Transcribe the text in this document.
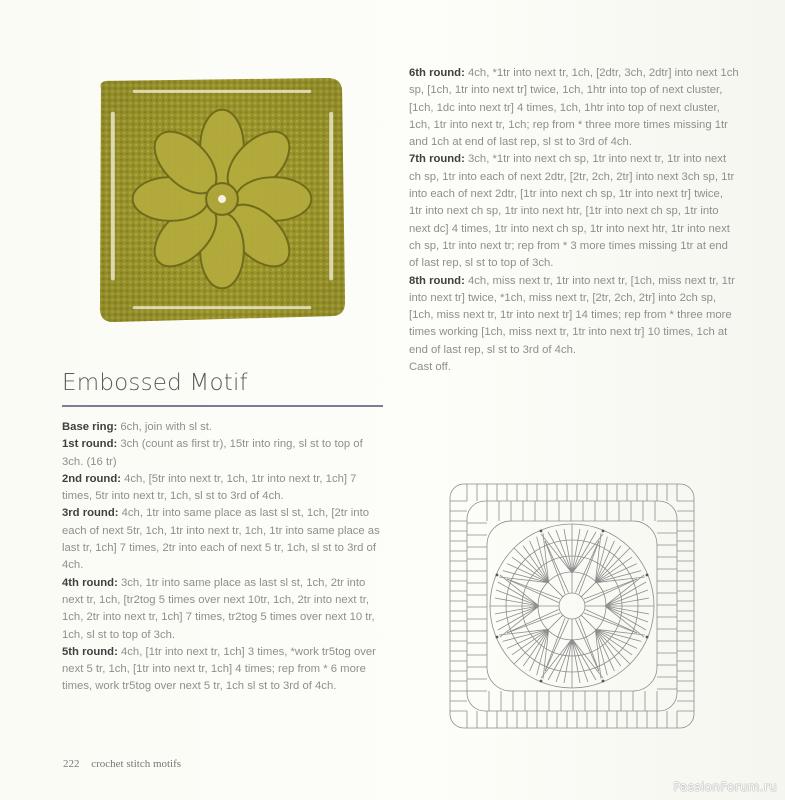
Embossed Motif

Base ring: 6ch, join with sl st.

1st round: 3ch (count as first tr), 15tr into ring, sl st to top of 3ch. (16 tr)

2nd round: 4ch, [5tr into next tr, 1ch, 1tr into next tr, 1ch] 7 times, 5tr into next tr, 1ch, sl st to 3rd of 4ch.

3rd round: 4ch, 1tr into same place as last sl st, 1ch, [2tr into each of next 5tr, 1ch, 1tr into next tr, 1ch, 1tr into same place as last tr, 1ch] 7 times, 2tr into each of next 5 tr, 1ch, sl st to 3rd of 4ch.

4th round: 3ch, 1tr into same place as last sl st, 1ch, 2tr into next tr, 1ch, [tr2tog 5 times over next 10tr, 1ch, 2tr into next tr, 1ch, 2tr into next tr, 1ch] 7 times, tr2tog 5 times over next 10 tr, 1ch, sl st to top of 3ch.

5th round: 4ch, [1tr into next tr, 1ch] 3 times, *work tr5tog over next 5 tr, 1ch, [1tr into next tr, 1ch] 4 times; rep from * 6 more times, work tr5tog over next 5 tr, 1ch sl st to 3rd of 4ch.

6th round: 4ch, *1tr into next tr, 1ch, [2dtr, 3ch, 2dtr] into next 1ch sp, [1ch, 1tr into next tr] twice, 1ch, 1htr into top of next cluster, [1ch, 1dc into next tr] 4 times, 1ch, 1htr into top of next cluster, 1ch, 1tr into next tr, 1ch; rep from * three more times missing 1tr and 1ch at end of last rep, sl st to 3rd of 4ch.

7th round: 3ch, *1tr into next ch sp, 1tr into next tr, 1tr into next ch sp, 1tr into each of next 2dtr, [2tr, 2ch, 2tr] into next 3ch sp, 1tr into each of next 2dtr, [1tr into next ch sp, 1tr into next tr] twice, 1tr into next ch sp, 1tr into next htr, [1tr into next ch sp, 1tr into next dc] 4 times, 1tr into next ch sp, 1tr into next htr, 1tr into next ch sp, 1tr into next tr; rep from * 3 more times missing 1tr at end of last rep, sl st to top of 3ch.

8th round: 4ch, miss next tr, 1tr into next tr, [1ch, miss next tr, 1tr into next tr] twice, *1ch, miss next tr, [2tr, 2ch, 2tr] into 2ch sp, [1ch, miss next tr, 1tr into next tr] 14 times; rep from * three more times working [1ch, miss next tr, 1tr into next tr] 10 times, 1ch at end of last rep, sl st to 3rd of 4ch.

Cast off.

222 crochet stitch motifs
PassionForum.ru
